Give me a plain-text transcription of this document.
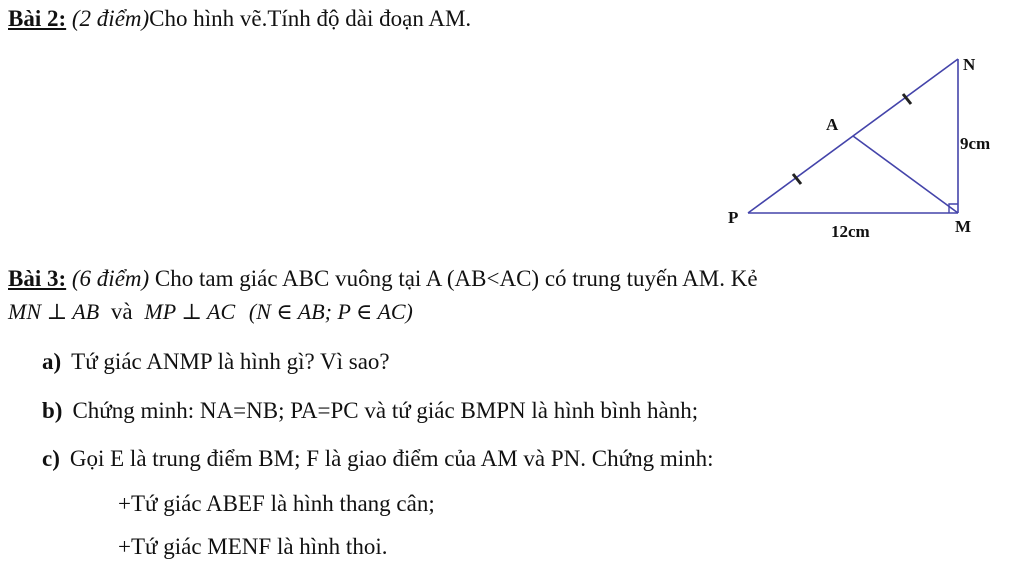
Bài 2: (2 điểm)Cho hình vẽ.Tính độ dài đoạn AM.
N
A
P	M
9cm
12cm
Bài 3: (6 điểm) Cho tam giác ABC vuông tại A (AB<AC) có trung tuyến AM. Kẻ
MN ⊥ AB và MP ⊥ AC (N ∈ AB; P ∈ AC)
a) Tứ giác ANMP là hình gì? Vì sao?
b) Chứng minh: NA=NB; PA=PC và tứ giác BMPN là hình bình hành;
c) Gọi E là trung điểm BM; F là giao điểm của AM và PN. Chứng minh:
+Tứ giác ABEF là hình thang cân;
+Tứ giác MENF là hình thoi.
